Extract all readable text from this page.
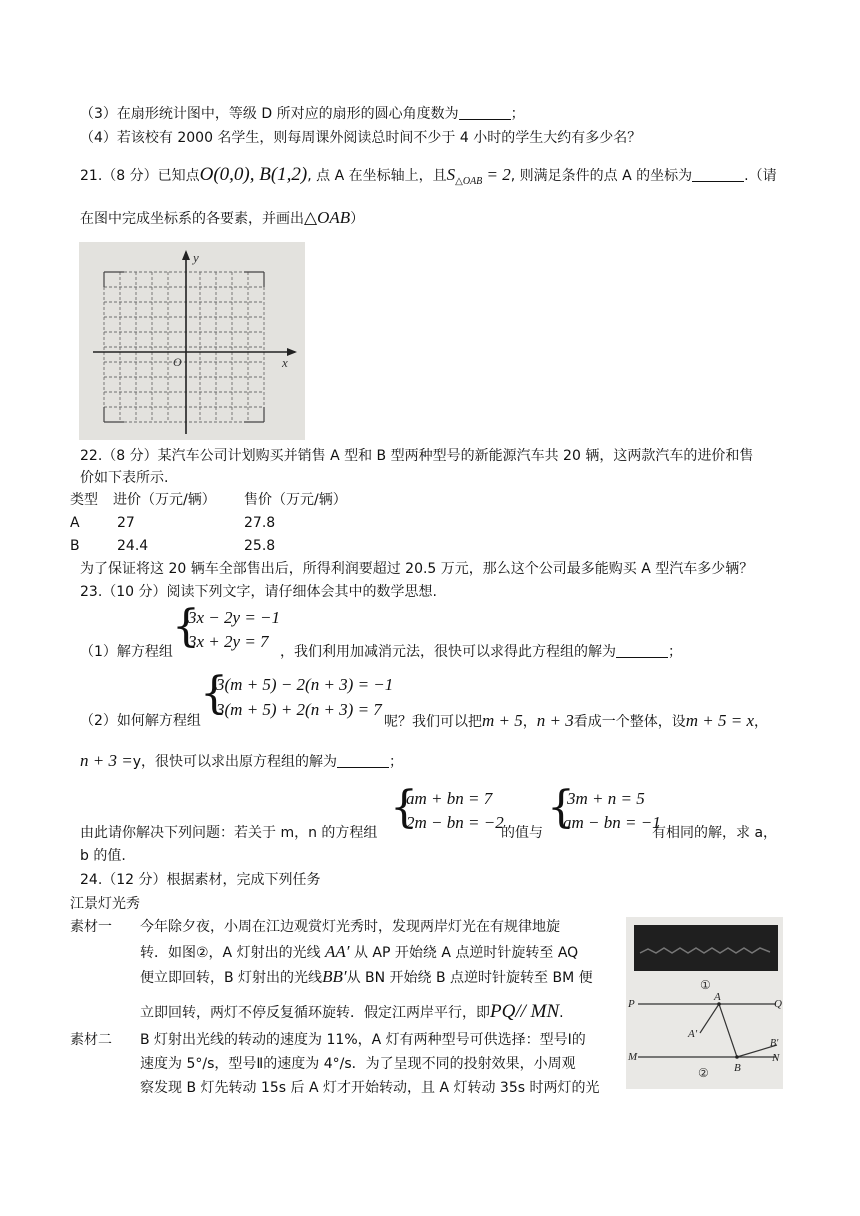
（3）在扇形统计图中，等级 D 所对应的扇形的圆心角度数为	；
（4）若该校有 2000 名学生，则每周课外阅读总时间不少于 4 小时的学生大约有多少名？
21.（8 分）已知点O(0,0), B(1,2), 点 A 在坐标轴上，且$S_{\triangle OAB} = 2$, 则满足条件的点 A 的坐标为	.（请
在图中完成坐标系的各要素，并画出△OAB）
x
y
O
22.（8 分）某汽车公司计划购买并销售 A 型和 B 型两种型号的新能源汽车共 20 辆，这两款汽车的进价和售
价如下表所示.
类型 进价（万元/辆） 售价（万元/辆）
A	27	27.8
B	24.4	25.8
为了保证将这 20 辆车全部售出后，所得利润要超过 20.5 万元，那么这个公司最多能购买 A 型汽车多少辆？
23.（10 分）阅读下列文字，请仔细体会其中的数学思想.
{
3x − 2y = −1
3x + 2y = 7
（1）解方程组	，我们利用加减消元法，很快可以求得此方程组的解为	；
{
3(m + 5) − 2(n + 3) = −1
3(m + 5) + 2(n + 3) = 7
（2）如何解方程组	呢？我们可以把m + 5，n + 3看成一个整体，设m + 5 = x，
n + 3 =y，很快可以求出原方程组的解为	；
{
am + bn = 7
2m − bn = −2 {
3m + n = 5
am − bn = −1
由此请你解决下列问题：若关于 m，n 的方程组	的值与	有相同的解，求 a，
b 的值.
24.（12 分）根据素材，完成下列任务
江景灯光秀
素材一 今年除夕夜，小周在江边观赏灯光秀时，发现两岸灯光在有规律地旋
转．如图②，A 灯射出的光线 AA′ 从 AP 开始绕 A 点逆时针旋转至 AQ
便立即回转，B 灯射出的光线BB′从 BN 开始绕 B 点逆时针旋转至 BM 便
立即回转，两灯不停反复循环旋转．假定江两岸平行，即PQ// MN.
素材二 B 灯射出光线的转动的速度为 11%，A 灯有两种型号可供选择：型号Ⅰ的
速度为 5°/s，型号Ⅱ的速度为 4°/s．为了呈现不同的投射效果，小周观
察发现 B 灯先转动 15s 后 A 灯才开始转动，且 A 灯转动 35s 时两灯的光
①
P
A
Q
A′
M
B
B′
N
②
